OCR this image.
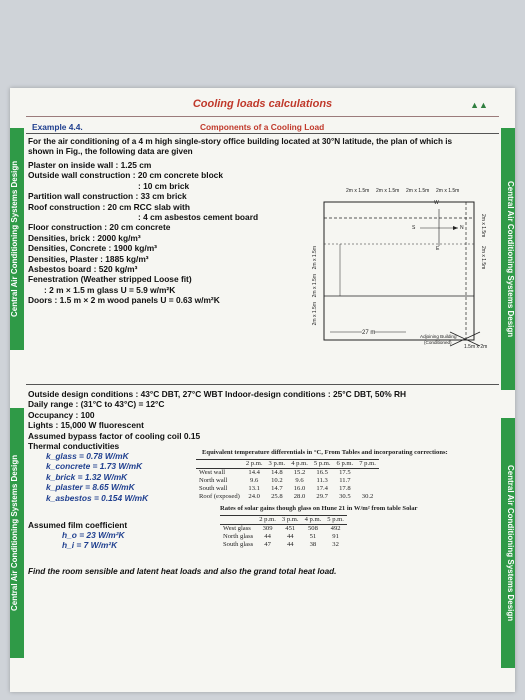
Central Air Conditioning Systems Design
Central Air Conditioning Systems Design
Central Air Conditioning Systems Design
Central Air Conditioning Systems Design
Cooling loads calculations	▲▲
Example 4.4.	Components of a Cooling Load
For the air conditioning of a 4 m high single-story office building located at 30°N latitude, the plan of which is
shown in Fig., the following data are given
Plaster on inside wall : 1.25 cm
Outside wall construction : 20 cm concrete block
: 10 cm brick
Partition wall construction : 33 cm brick
Roof construction : 20 cm RCC slab with
: 4 cm asbestos cement board
Floor construction : 20 cm concrete
Densities, brick : 2000 kg/m³
Densities, Concrete : 1900 kg/m³
Densities, Plaster : 1885 kg/m³
Asbestos board : 520 kg/m³
Fenestration (Weather stripped Loose fit)
: 2 m × 1.5 m glass U = 5.9 w/m²K
Doors : 1.5 m × 2 m wood panels U = 0.63 w/m²K
2m x 1.5m 2m x 1.5m 2m x 1.5m 2m x 1.5m
2m x 1.5m
2m x 1.5m
2m x 1.5m
2m x 1.5m
2m x 1.5m
W
S	N
E
27 m
Adjoining Building
(Conditioned)
1.5m x 2m
Outside design conditions : 43°C DBT, 27°C WBT Indoor-design conditions : 25°C DBT, 50% RH
Daily range : (31°C to 43°C) = 12°C
Occupancy : 100
Lights : 15,000 W fluorescent
Assumed bypass factor of cooling coil 0.15
Thermal conductivities
k_glass = 0.78 W/mK
k_concrete = 1.73 W/mK
k_brick = 1.32 W/mK
k_plaster = 8.65 W/mK
k_asbestos = 0.154 W/mK
Equivalent temperature differentials in °C, From Tables and incorporating corrections:
	2 p.m.	3 p.m.	4 p.m.	5 p.m.	6 p.m.	7 p.m.
West wall	14.4	14.8	15.2	16.5	17.5	
North wall	9.6	10.2	9.6	11.3	11.7	
South wall	13.1	14.7	16.0	17.4	17.8	
Roof (exposed)	24.0	25.8	28.0	29.7	30.5	30.2
Rates of solar gains though glass on Hune 21 in W/m² from table Solar
	2 p.m.	3 p.m.	4 p.m.	5 p.m.
West glass	309	451	508	492
North glass	44	44	51	91
South glass	47	44	38	32
Assumed film coefficient
h_o = 23 W/m²K
h_i = 7 W/m²K
Find the room sensible and latent heat loads and also the grand total heat load.
